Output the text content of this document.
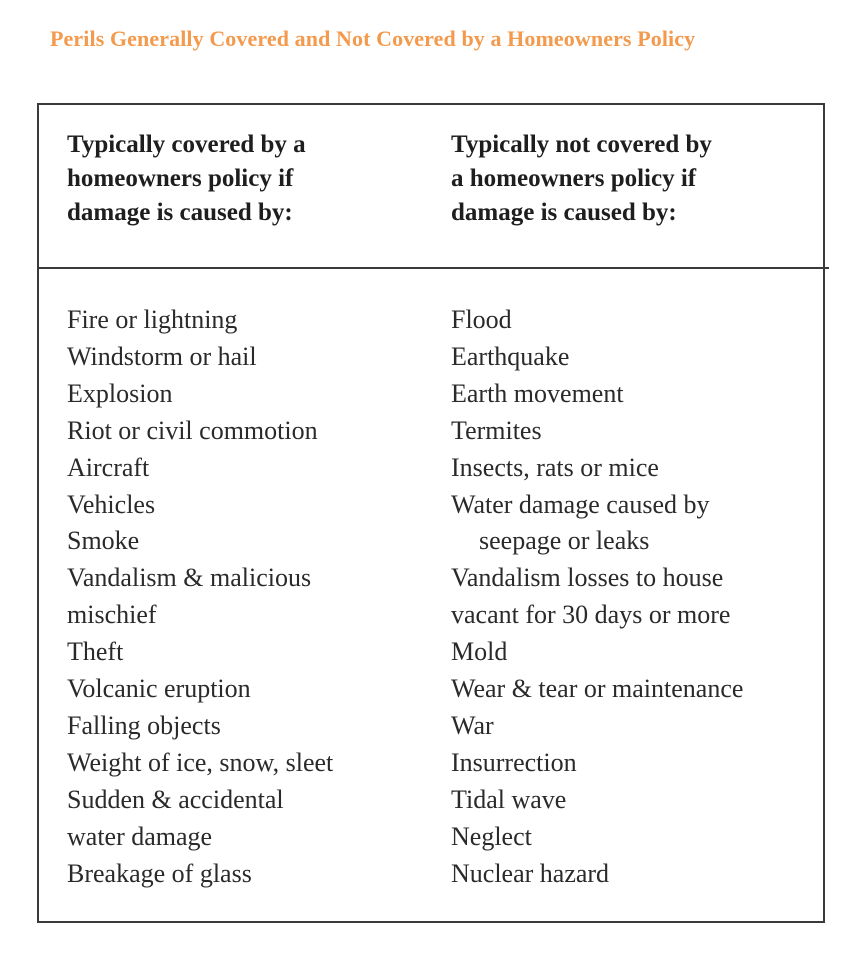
Perils Generally Covered and Not Covered by a Homeowners Policy
Typically covered by a
homeowners policy if
damage is caused by:
Typically not covered by
a homeowners policy if
damage is caused by:
Fire or lightning
Windstorm or hail
Explosion
Riot or civil commotion
Aircraft
Vehicles
Smoke
Vandalism & malicious
mischief
Theft
Volcanic eruption
Falling objects
Weight of ice, snow, sleet
Sudden & accidental
water damage
Breakage of glass
Flood
Earthquake
Earth movement
Termites
Insects, rats or mice
Water damage caused by
seepage or leaks
Vandalism losses to house
vacant for 30 days or more
Mold
Wear & tear or maintenance
War
Insurrection
Tidal wave
Neglect
Nuclear hazard
